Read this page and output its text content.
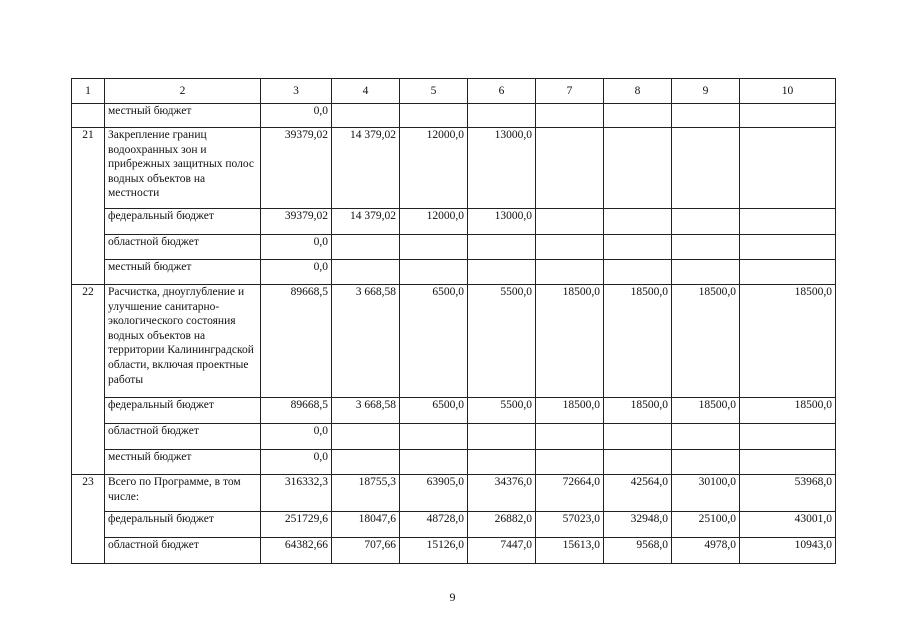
1	2	3	4	5	6	7	8	9	10
	местный бюджет	0,0							
21	Закрепление границ водоохранных зон и прибрежных защитных полос водных объектов на местности	39379,02	14 379,02	12000,0	13000,0				
	федеральный бюджет	39379,02	14 379,02	12000,0	13000,0				
	областной бюджет	0,0							
	местный бюджет	0,0							
22	Расчистка, дноуглубление и улучшение санитарно-экологического состояния водных объектов на территории Калининградской области, включая проектные работы	89668,5	3 668,58	6500,0	5500,0	18500,0	18500,0	18500,0	18500,0
	федеральный бюджет	89668,5	3 668,58	6500,0	5500,0	18500,0	18500,0	18500,0	18500,0
	областной бюджет	0,0							
	местный бюджет	0,0							
23	Всего по Программе, в том числе:	316332,3	18755,3	63905,0	34376,0	72664,0	42564,0	30100,0	53968,0
	федеральный бюджет	251729,6	18047,6	48728,0	26882,0	57023,0	32948,0	25100,0	43001,0
	областной бюджет	64382,66	707,66	15126,0	7447,0	15613,0	9568,0	4978,0	10943,0
9
